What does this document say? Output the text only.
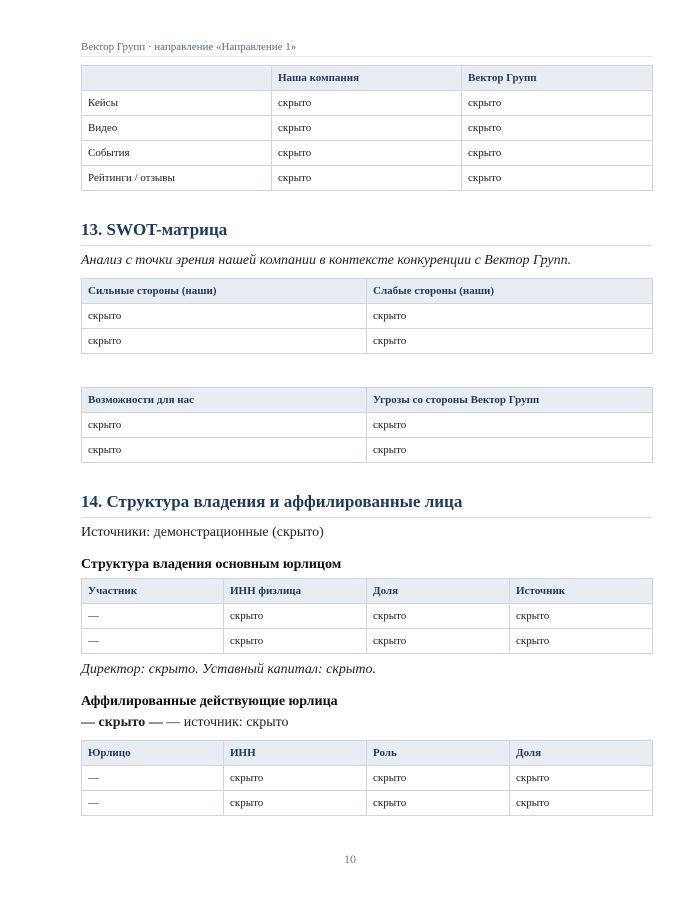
Вектор Групп · направление «Направление 1»
	Наша компания	Вектор Групп
Кейсы	скрыто	скрыто
Видео	скрыто	скрыто
События	скрыто	скрыто
Рейтинги / отзывы	скрыто	скрыто
13. SWOT-матрица
Анализ с точки зрения нашей компании в контексте конкуренции с Вектор Групп.
Сильные стороны (наши)	Слабые стороны (наши)
скрыто	скрыто
скрыто	скрыто
Возможности для нас	Угрозы со стороны Вектор Групп
скрыто	скрыто
скрыто	скрыто
14. Структура владения и аффилированные лица
Источники: демонстрационные (скрыто)
Структура владения основным юрлицом
Участник	ИНН физлица	Доля	Источник
—	скрыто	скрыто	скрыто
—	скрыто	скрыто	скрыто
Директор: скрыто. Уставный капитал: скрыто.
Аффилированные действующие юрлица
— скрыто — — источник: скрыто
Юрлицо	ИНН	Роль	Доля
—	скрыто	скрыто	скрыто
—	скрыто	скрыто	скрыто
10
